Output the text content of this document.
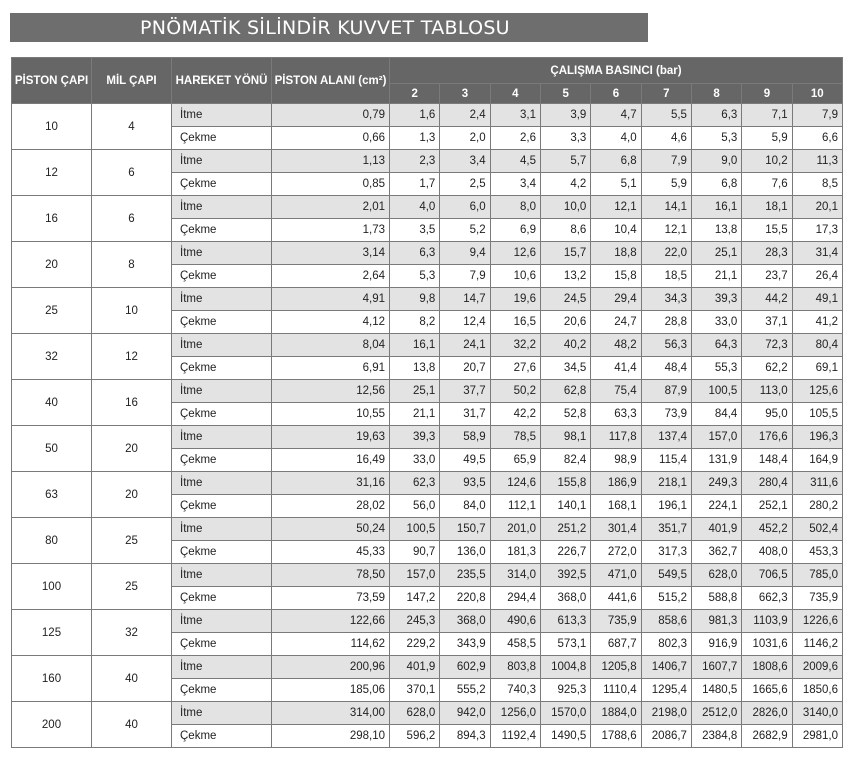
PNÖMATİK SİLİNDİR KUVVET TABLOSU
PİSTON ÇAPI	MİL ÇAPI	HAREKET YÖNÜ	PİSTON ALANI (cm²)	ÇALIŞMA BASINCI (bar)								
				2	3	4	5	6	7	8	9	10
10	4	İtme	0,79	1,6	2,4	3,1	3,9	4,7	5,5	6,3	7,1	7,9
		Çekme	0,66	1,3	2,0	2,6	3,3	4,0	4,6	5,3	5,9	6,6
12	6	İtme	1,13	2,3	3,4	4,5	5,7	6,8	7,9	9,0	10,2	11,3
		Çekme	0,85	1,7	2,5	3,4	4,2	5,1	5,9	6,8	7,6	8,5
16	6	İtme	2,01	4,0	6,0	8,0	10,0	12,1	14,1	16,1	18,1	20,1
		Çekme	1,73	3,5	5,2	6,9	8,6	10,4	12,1	13,8	15,5	17,3
20	8	İtme	3,14	6,3	9,4	12,6	15,7	18,8	22,0	25,1	28,3	31,4
		Çekme	2,64	5,3	7,9	10,6	13,2	15,8	18,5	21,1	23,7	26,4
25	10	İtme	4,91	9,8	14,7	19,6	24,5	29,4	34,3	39,3	44,2	49,1
		Çekme	4,12	8,2	12,4	16,5	20,6	24,7	28,8	33,0	37,1	41,2
32	12	İtme	8,04	16,1	24,1	32,2	40,2	48,2	56,3	64,3	72,3	80,4
		Çekme	6,91	13,8	20,7	27,6	34,5	41,4	48,4	55,3	62,2	69,1
40	16	İtme	12,56	25,1	37,7	50,2	62,8	75,4	87,9	100,5	113,0	125,6
		Çekme	10,55	21,1	31,7	42,2	52,8	63,3	73,9	84,4	95,0	105,5
50	20	İtme	19,63	39,3	58,9	78,5	98,1	117,8	137,4	157,0	176,6	196,3
		Çekme	16,49	33,0	49,5	65,9	82,4	98,9	115,4	131,9	148,4	164,9
63	20	İtme	31,16	62,3	93,5	124,6	155,8	186,9	218,1	249,3	280,4	311,6
		Çekme	28,02	56,0	84,0	112,1	140,1	168,1	196,1	224,1	252,1	280,2
80	25	İtme	50,24	100,5	150,7	201,0	251,2	301,4	351,7	401,9	452,2	502,4
		Çekme	45,33	90,7	136,0	181,3	226,7	272,0	317,3	362,7	408,0	453,3
100	25	İtme	78,50	157,0	235,5	314,0	392,5	471,0	549,5	628,0	706,5	785,0
		Çekme	73,59	147,2	220,8	294,4	368,0	441,6	515,2	588,8	662,3	735,9
125	32	İtme	122,66	245,3	368,0	490,6	613,3	735,9	858,6	981,3	1103,9	1226,6
		Çekme	114,62	229,2	343,9	458,5	573,1	687,7	802,3	916,9	1031,6	1146,2
160	40	İtme	200,96	401,9	602,9	803,8	1004,8	1205,8	1406,7	1607,7	1808,6	2009,6
		Çekme	185,06	370,1	555,2	740,3	925,3	1110,4	1295,4	1480,5	1665,6	1850,6
200	40	İtme	314,00	628,0	942,0	1256,0	1570,0	1884,0	2198,0	2512,0	2826,0	3140,0
		Çekme	298,10	596,2	894,3	1192,4	1490,5	1788,6	2086,7	2384,8	2682,9	2981,0
